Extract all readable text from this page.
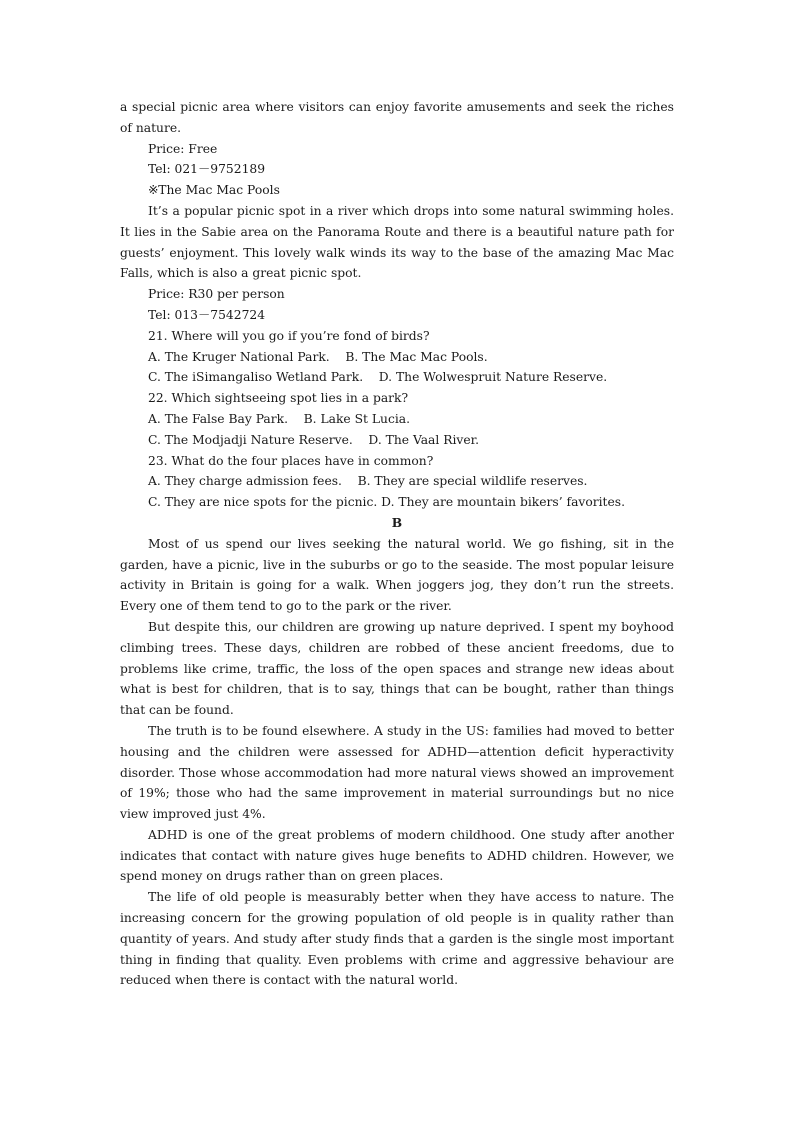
a special picnic area where visitors can enjoy favorite amusements and seek the riches of nature.

Price: Free

Tel: 021－9752189

※The Mac Mac Pools

It’s a popular picnic spot in a river which drops into some natural swimming holes. It lies in the Sabie area on the Panorama Route and there is a beautiful nature path for guests’ enjoyment. This lovely walk winds its way to the base of the amazing Mac Mac Falls, which is also a great picnic spot.

Price: R30 per person

Tel: 013－7542724

21. Where will you go if you’re fond of birds?

A. The Kruger National Park.    B. The Mac Mac Pools.

C. The iSimangaliso Wetland Park.    D. The Wolwespruit Nature Reserve.

22. Which sightseeing spot lies in a park?

A. The False Bay Park.    B. Lake St Lucia.

C. The Modjadji Nature Reserve.    D. The Vaal River.

23. What do the four places have in common?

A. They charge admission fees.    B. They are special wildlife reserves.

C. They are nice spots for the picnic. D. They are mountain bikers’ favorites.

B

Most of us spend our lives seeking the natural world. We go fishing, sit in the garden, have a picnic, live in the suburbs or go to the seaside. The most popular leisure activity in Britain is going for a walk. When joggers jog, they don’t run the streets. Every one of them tend to go to the park or the river.

But despite this, our children are growing up nature deprived. I spent my boyhood climbing trees. These days, children are robbed of these ancient freedoms, due to problems like crime, traffic, the loss of the open spaces and strange new ideas about what is best for children, that is to say, things that can be bought, rather than things that can be found.

The truth is to be found elsewhere. A study in the US: families had moved to better housing and the children were assessed for ADHD—attention deficit hyperactivity disorder. Those whose accommodation had more natural views showed an improvement of 19%; those who had the same improvement in material surroundings but no nice view improved just 4%.

ADHD is one of the great problems of modern childhood. One study after another indicates that contact with nature gives huge benefits to ADHD children. However, we spend money on drugs rather than on green places.

The life of old people is measurably better when they have access to nature. The increasing concern for the growing population of old people is in quality rather than quantity of years. And study after study finds that a garden is the single most important thing in finding that quality. Even problems with crime and aggressive behaviour are reduced when there is contact with the natural world.
